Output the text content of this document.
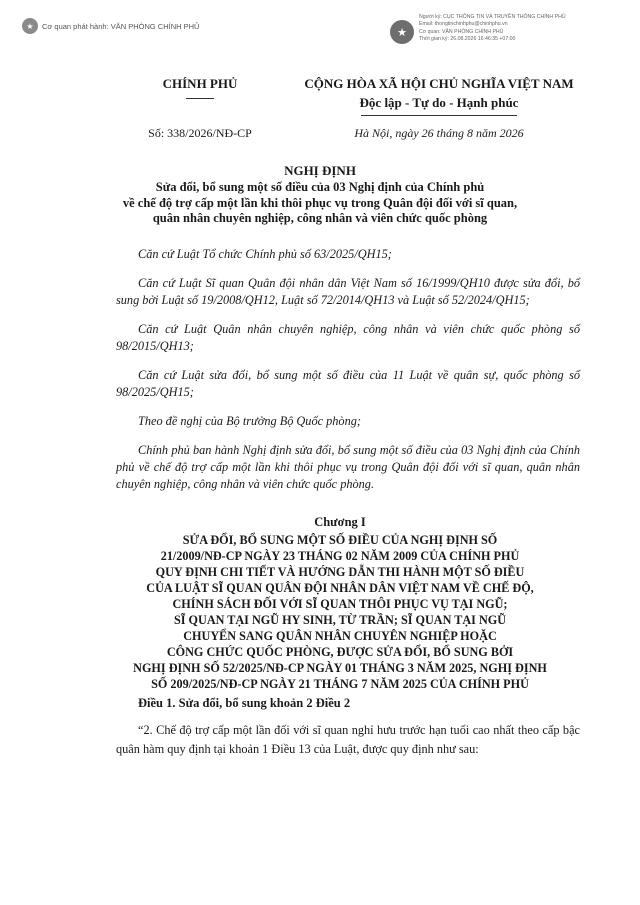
★	Cơ quan phát hành: VĂN PHÒNG CHÍNH PHỦ
★
Người ký: CỤC THÔNG TIN VÀ TRUYỀN THÔNG CHÍNH PHỦ
Email: thongtinchinhphu@chinhphu.vn
Cơ quan: VĂN PHÒNG CHÍNH PHỦ
Thời gian ký: 26.08.2026 16:46:35 +07:00
CHÍNH PHỦ	CỘNG HÒA XÃ HỘI CHỦ NGHĨA VIỆT NAM
Độc lập - Tự do - Hạnh phúc
Số: 338/2026/NĐ-CP	Hà Nội, ngày 26 tháng 8 năm 2026
NGHỊ ĐỊNH

Sửa đổi, bổ sung một số điều của 03 Nghị định của Chính phủ

về chế độ trợ cấp một lần khi thôi phục vụ trong Quân đội đối với sĩ quan,

quân nhân chuyên nghiệp, công nhân và viên chức quốc phòng

Căn cứ Luật Tổ chức Chính phủ số 63/2025/QH15;

Căn cứ Luật Sĩ quan Quân đội nhân dân Việt Nam số 16/1999/QH10 được sửa đổi, bổ sung bởi Luật số 19/2008/QH12, Luật số 72/2014/QH13 và Luật số 52/2024/QH15;

Căn cứ Luật Quân nhân chuyên nghiệp, công nhân và viên chức quốc phòng số 98/2015/QH13;

Căn cứ Luật sửa đổi, bổ sung một số điều của 11 Luật về quân sự, quốc phòng số 98/2025/QH15;

Theo đề nghị của Bộ trưởng Bộ Quốc phòng;

Chính phủ ban hành Nghị định sửa đổi, bổ sung một số điều của 03 Nghị định của Chính phủ về chế độ trợ cấp một lần khi thôi phục vụ trong Quân đội đối với sĩ quan, quân nhân chuyên nghiệp, công nhân và viên chức quốc phòng.

Chương I

SỬA ĐỔI, BỔ SUNG MỘT SỐ ĐIỀU CỦA NGHỊ ĐỊNH SỐ

21/2009/NĐ-CP NGÀY 23 THÁNG 02 NĂM 2009 CỦA CHÍNH PHỦ

QUY ĐỊNH CHI TIẾT VÀ HƯỚNG DẪN THI HÀNH MỘT SỐ ĐIỀU

CỦA LUẬT SĨ QUAN QUÂN ĐỘI NHÂN DÂN VIỆT NAM VỀ CHẾ ĐỘ,

CHÍNH SÁCH ĐỐI VỚI SĨ QUAN THÔI PHỤC VỤ TẠI NGŨ;

SĨ QUAN TẠI NGŨ HY SINH, TỪ TRẦN; SĨ QUAN TẠI NGŨ

CHUYỂN SANG QUÂN NHÂN CHUYÊN NGHIỆP HOẶC

CÔNG CHỨC QUỐC PHÒNG, ĐƯỢC SỬA ĐỔI, BỔ SUNG BỞI

NGHỊ ĐỊNH SỐ 52/2025/NĐ-CP NGÀY 01 THÁNG 3 NĂM 2025, NGHỊ ĐỊNH

SỐ 209/2025/NĐ-CP NGÀY 21 THÁNG 7 NĂM 2025 CỦA CHÍNH PHỦ

Điều 1. Sửa đổi, bổ sung khoản 2 Điều 2

“2. Chế độ trợ cấp một lần đối với sĩ quan nghỉ hưu trước hạn tuổi cao nhất theo cấp bậc quân hàm quy định tại khoản 1 Điều 13 của Luật, được quy định như sau:
